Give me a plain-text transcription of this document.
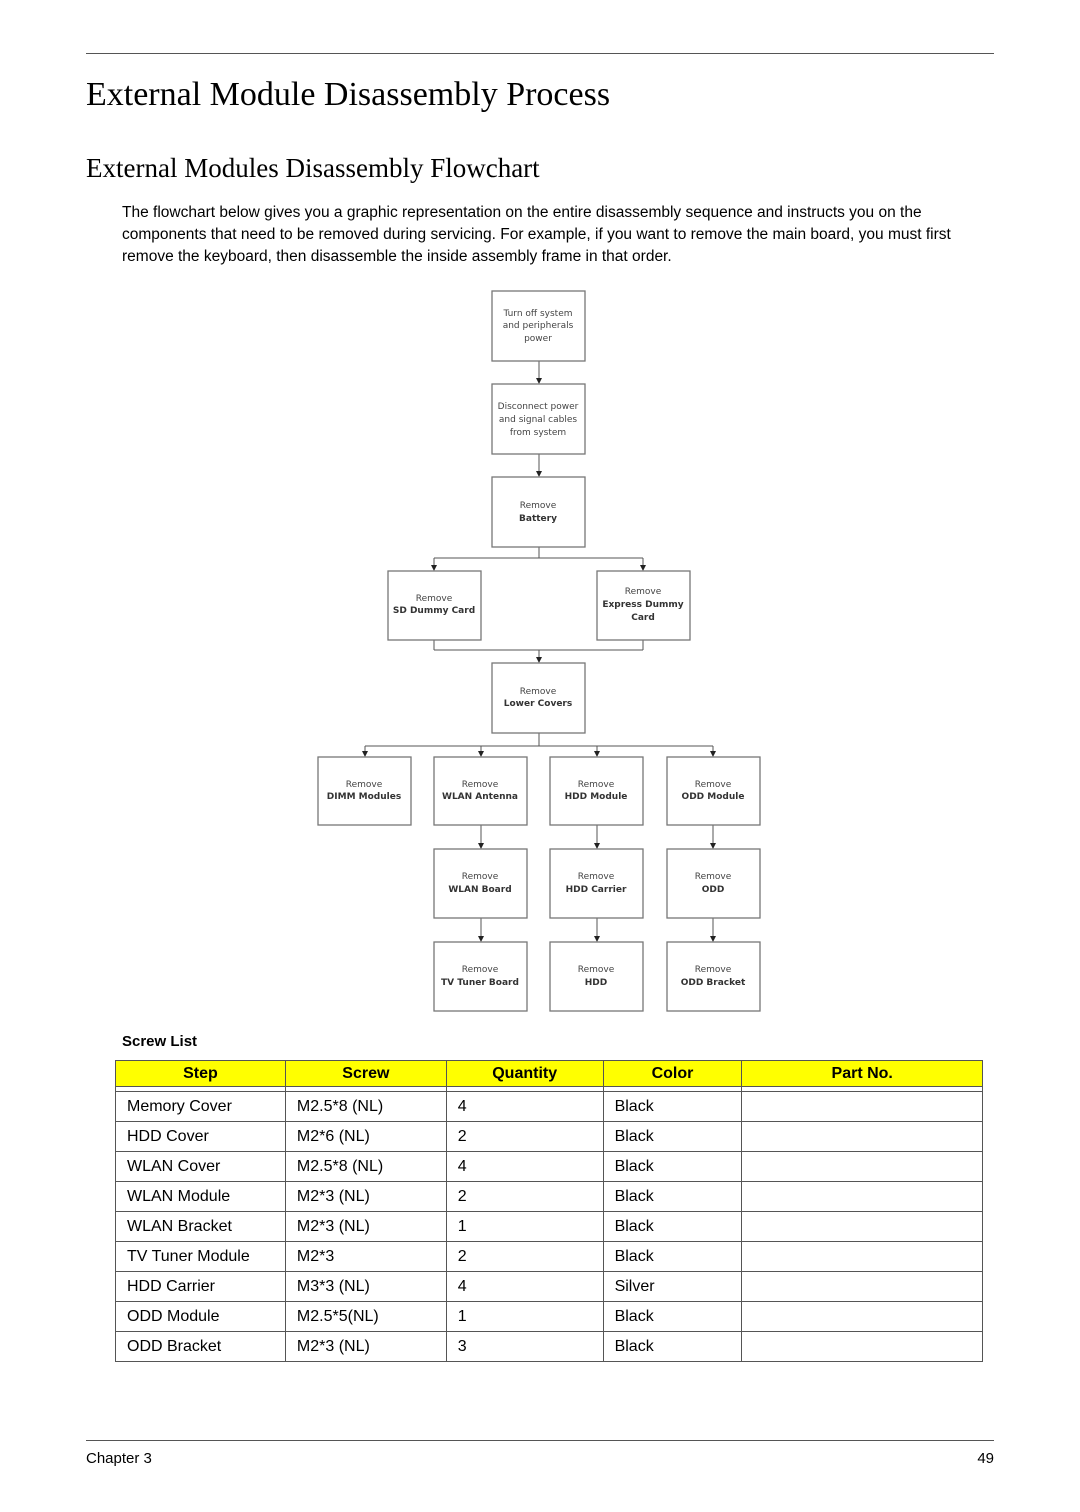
External Module Disassembly Process
External Modules Disassembly Flowchart

The flowchart below gives you a graphic representation on the entire disassembly sequence and instructs you on the components that need to be removed during servicing. For example, if you want to remove the main board, you must first remove the keyboard, then disassemble the inside assembly frame in that order.

Turn off system
and peripherals
power
Disconnect power
and signal cables
from system
Remove
Battery
Remove
SD Dummy Card
Remove
Express Dummy
Card
Remove
Lower Covers
Remove
DIMM Modules
Remove
WLAN Antenna
Remove
HDD Module
Remove
ODD Module
Remove
WLAN Board
Remove
HDD Carrier
Remove
ODD
Remove
TV Tuner Board
Remove
HDD
Remove
ODD Bracket

Screw List

Step	Screw	Quantity	Color	Part No.

Memory Cover	M2.5*8 (NL)	4	Black	
HDD Cover	M2*6 (NL)	2	Black	
WLAN Cover	M2.5*8 (NL)	4	Black	
WLAN Module	M2*3 (NL)	2	Black	
WLAN Bracket	M2*3 (NL)	1	Black	
TV Tuner Module	M2*3	2	Black	
HDD Carrier	M3*3 (NL)	4	Silver	
ODD Module	M2.5*5(NL)	1	Black	
ODD Bracket	M2*3 (NL)	3	Black	
Chapter 3	49
